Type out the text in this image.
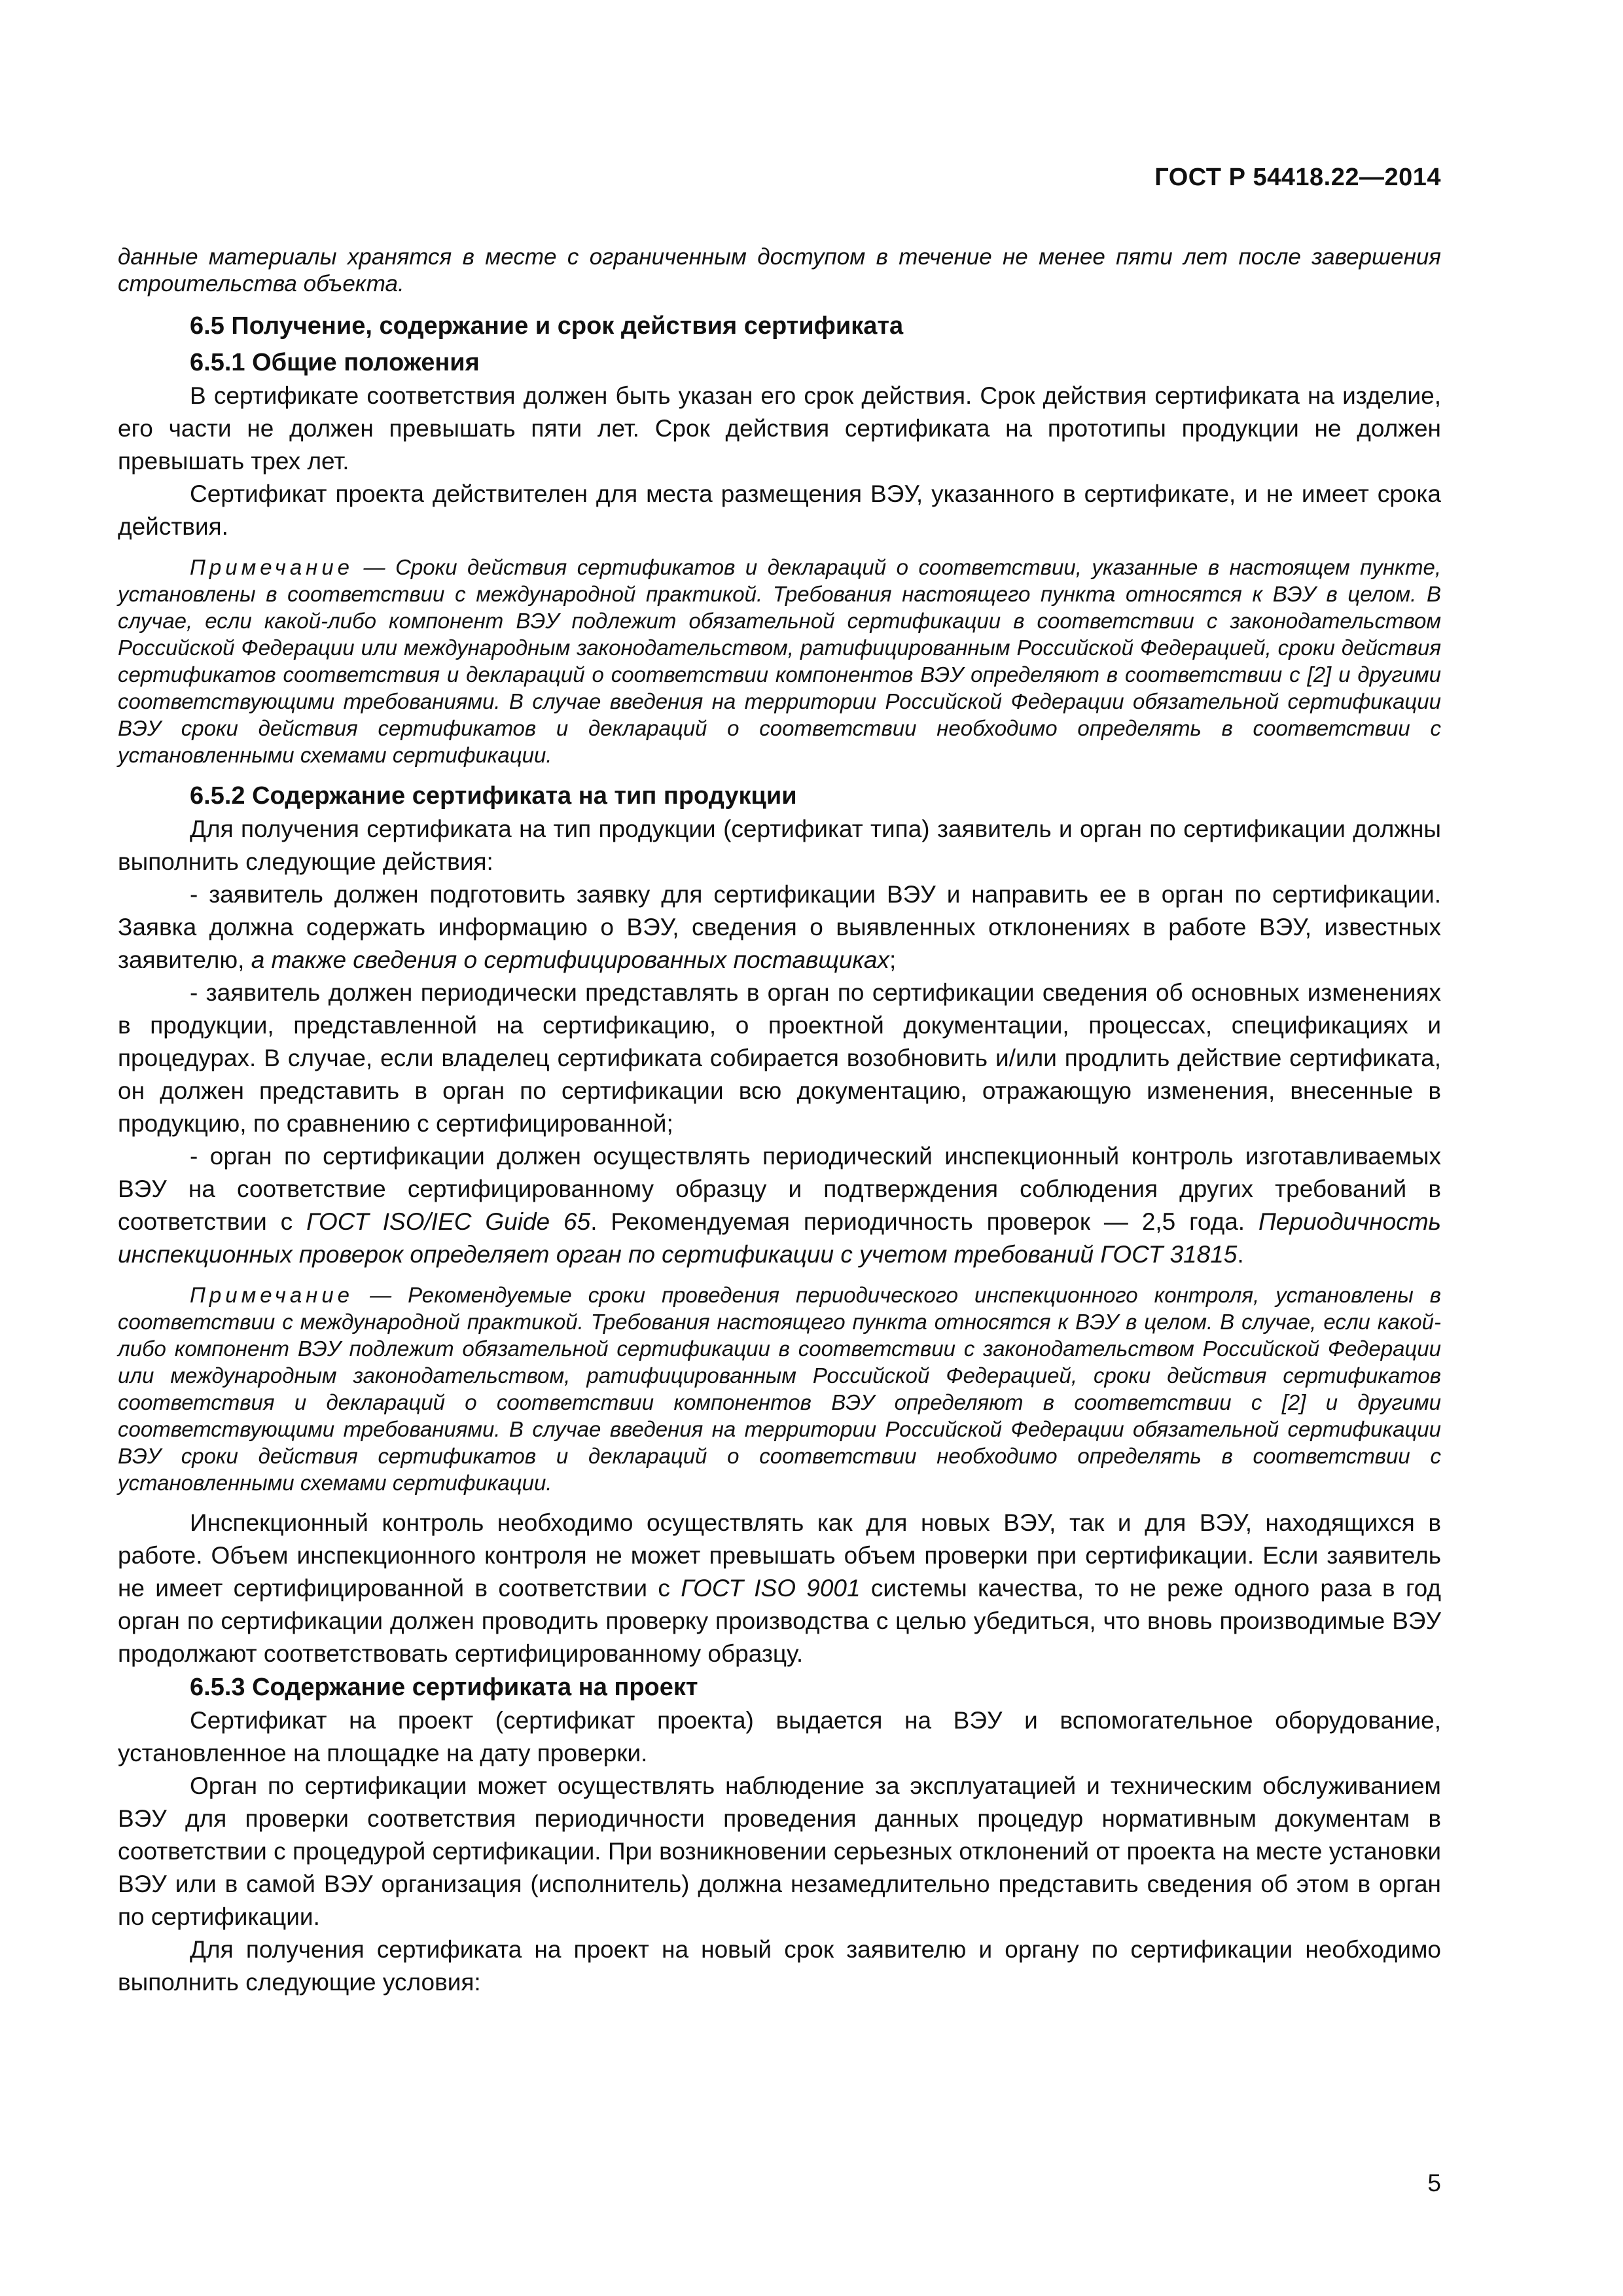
ГОСТ Р 54418.22—2014

данные материалы хранятся в месте с ограниченным доступом в течение не менее пяти лет после завершения строительства объекта.

6.5 Получение, содержание и срок действия сертификата
6.5.1 Общие положения

В сертификате соответствия должен быть указан его срок действия. Срок действия сертификата на изделие, его части не должен превышать пяти лет. Срок действия сертификата на прототипы продукции не должен превышать трех лет.

Сертификат проекта действителен для места размещения ВЭУ, указанного в сертификате, и не имеет срока действия.

Примечание — Сроки действия сертификатов и деклараций о соответствии, указанные в настоящем пункте, установлены в соответствии с международной практикой. Требования настоящего пункта относятся к ВЭУ в целом. В случае, если какой-либо компонент ВЭУ подлежит обязательной сертификации в соответствии с законодательством Российской Федерации или международным законодательством, ратифицированным Российской Федерацией, сроки действия сертификатов соответствия и деклараций о соответствии компонентов ВЭУ определяют в соответствии с [2] и другими соответствующими требованиями. В случае введения на территории Российской Федерации обязательной сертификации ВЭУ сроки действия сертификатов и деклараций о соответствии необходимо определять в соответствии с установленными схемами сертификации.

6.5.2 Содержание сертификата на тип продукции

Для получения сертификата на тип продукции (сертификат типа) заявитель и орган по сертификации должны выполнить следующие действия:

- заявитель должен подготовить заявку для сертификации ВЭУ и направить ее в орган по сертификации. Заявка должна содержать информацию о ВЭУ, сведения о выявленных отклонениях в работе ВЭУ, известных заявителю, а также сведения о сертифицированных поставщиках;

- заявитель должен периодически представлять в орган по сертификации сведения об основных изменениях в продукции, представленной на сертификацию, о проектной документации, процессах, спецификациях и процедурах. В случае, если владелец сертификата собирается возобновить и/или продлить действие сертификата, он должен представить в орган по сертификации всю документацию, отражающую изменения, внесенные в продукцию, по сравнению с сертифицированной;

- орган по сертификации должен осуществлять периодический инспекционный контроль изготавливаемых ВЭУ на соответствие сертифицированному образцу и подтверждения соблюдения других требований в соответствии с ГОСТ ISO/IEC Guide 65. Рекомендуемая периодичность проверок — 2,5 года. Периодичность инспекционных проверок определяет орган по сертификации с учетом требований ГОСТ 31815.

Примечание — Рекомендуемые сроки проведения периодического инспекционного контроля, установлены в соответствии с международной практикой. Требования настоящего пункта относятся к ВЭУ в целом. В случае, если какой-либо компонент ВЭУ подлежит обязательной сертификации в соответствии с законодательством Российской Федерации или международным законодательством, ратифицированным Российской Федерацией, сроки действия сертификатов соответствия и деклараций о соответствии компонентов ВЭУ определяют в соответствии с [2] и другими соответствующими требованиями. В случае введения на территории Российской Федерации обязательной сертификации ВЭУ сроки действия сертификатов и деклараций о соответствии необходимо определять в соответствии с установленными схемами сертификации.

Инспекционный контроль необходимо осуществлять как для новых ВЭУ, так и для ВЭУ, находящихся в работе. Объем инспекционного контроля не может превышать объем проверки при сертификации. Если заявитель не имеет сертифицированной в соответствии с ГОСТ ISO 9001 системы качества, то не реже одного раза в год орган по сертификации должен проводить проверку производства с целью убедиться, что вновь производимые ВЭУ продолжают соответствовать сертифицированному образцу.

6.5.3 Содержание сертификата на проект

Сертификат на проект (сертификат проекта) выдается на ВЭУ и вспомогательное оборудование, установленное на площадке на дату проверки.

Орган по сертификации может осуществлять наблюдение за эксплуатацией и техническим обслуживанием ВЭУ для проверки соответствия периодичности проведения данных процедур нормативным документам в соответствии с процедурой сертификации. При возникновении серьезных отклонений от проекта на месте установки ВЭУ или в самой ВЭУ организация (исполнитель) должна незамедлительно представить сведения об этом в орган по сертификации.

Для получения сертификата на проект на новый срок заявителю и органу по сертификации необходимо выполнить следующие условия:

5
